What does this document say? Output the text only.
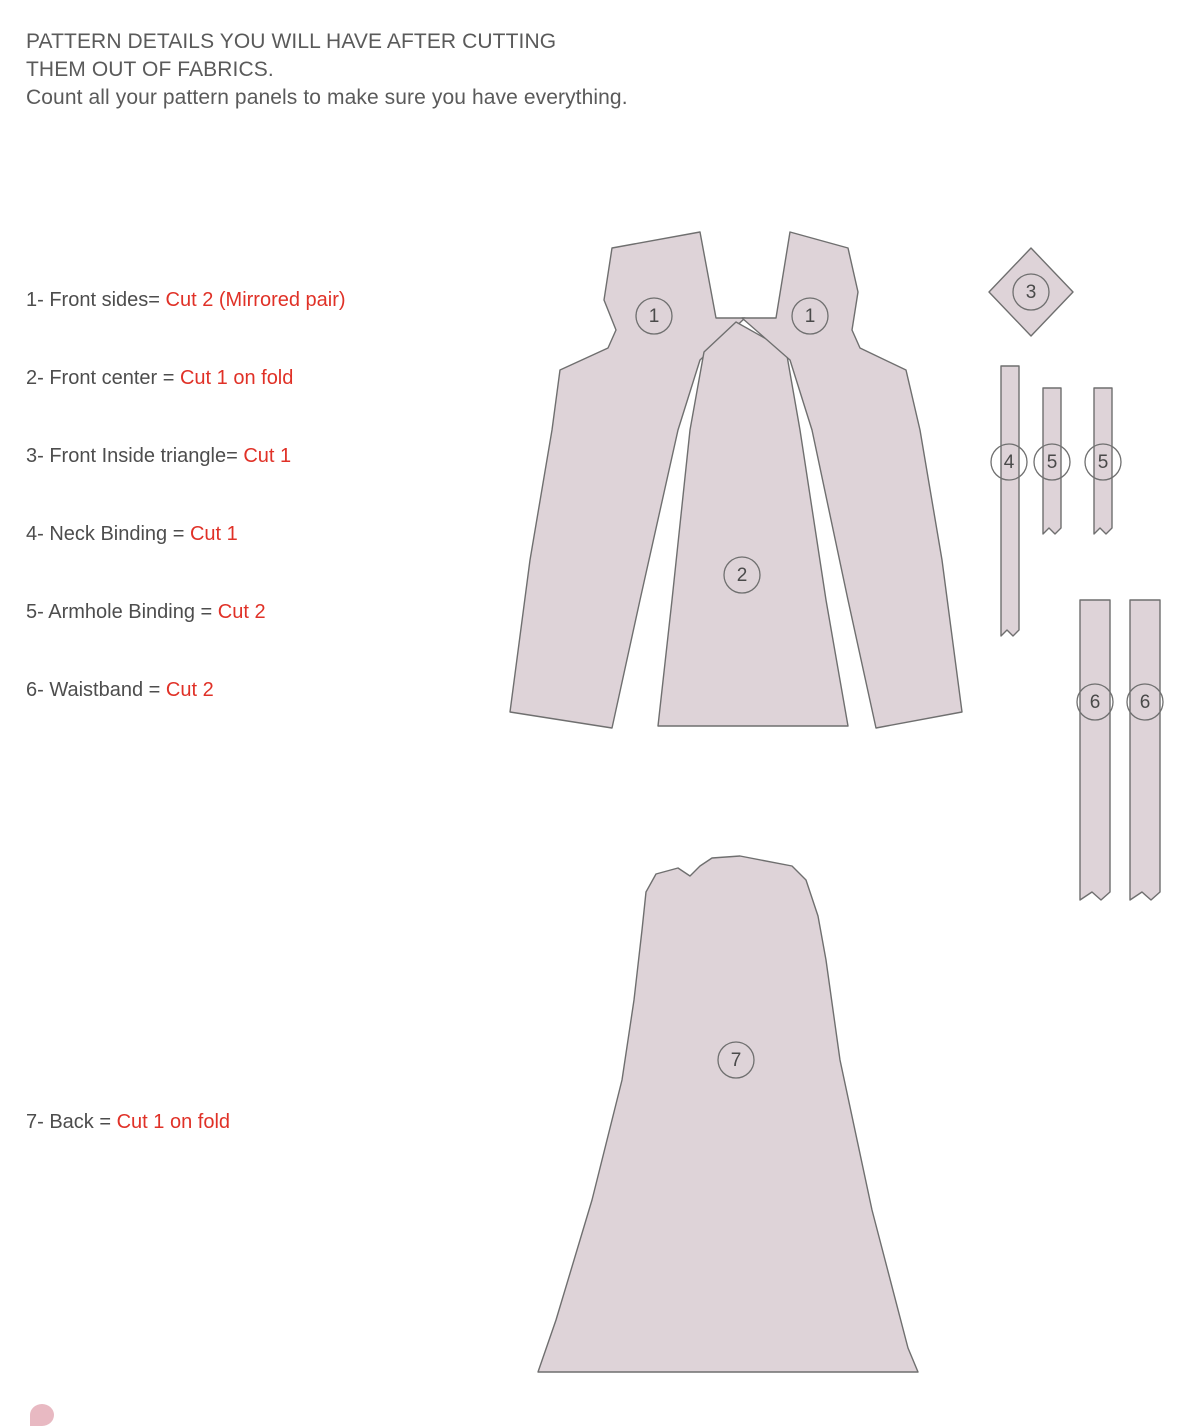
PATTERN DETAILS YOU WILL HAVE AFTER CUTTING
THEM OUT OF FABRICS.
Count all your pattern panels to make sure you have everything.
1- Front sides= Cut 2 (Mirrored pair)
2- Front center = Cut 1 on fold
3- Front Inside triangle= Cut 1
4- Neck Binding = Cut 1
5- Armhole Binding = Cut 2
6- Waistband = Cut 2
7- Back = Cut 1 on fold
1
2
1
3
4 5 5
6 6
7
